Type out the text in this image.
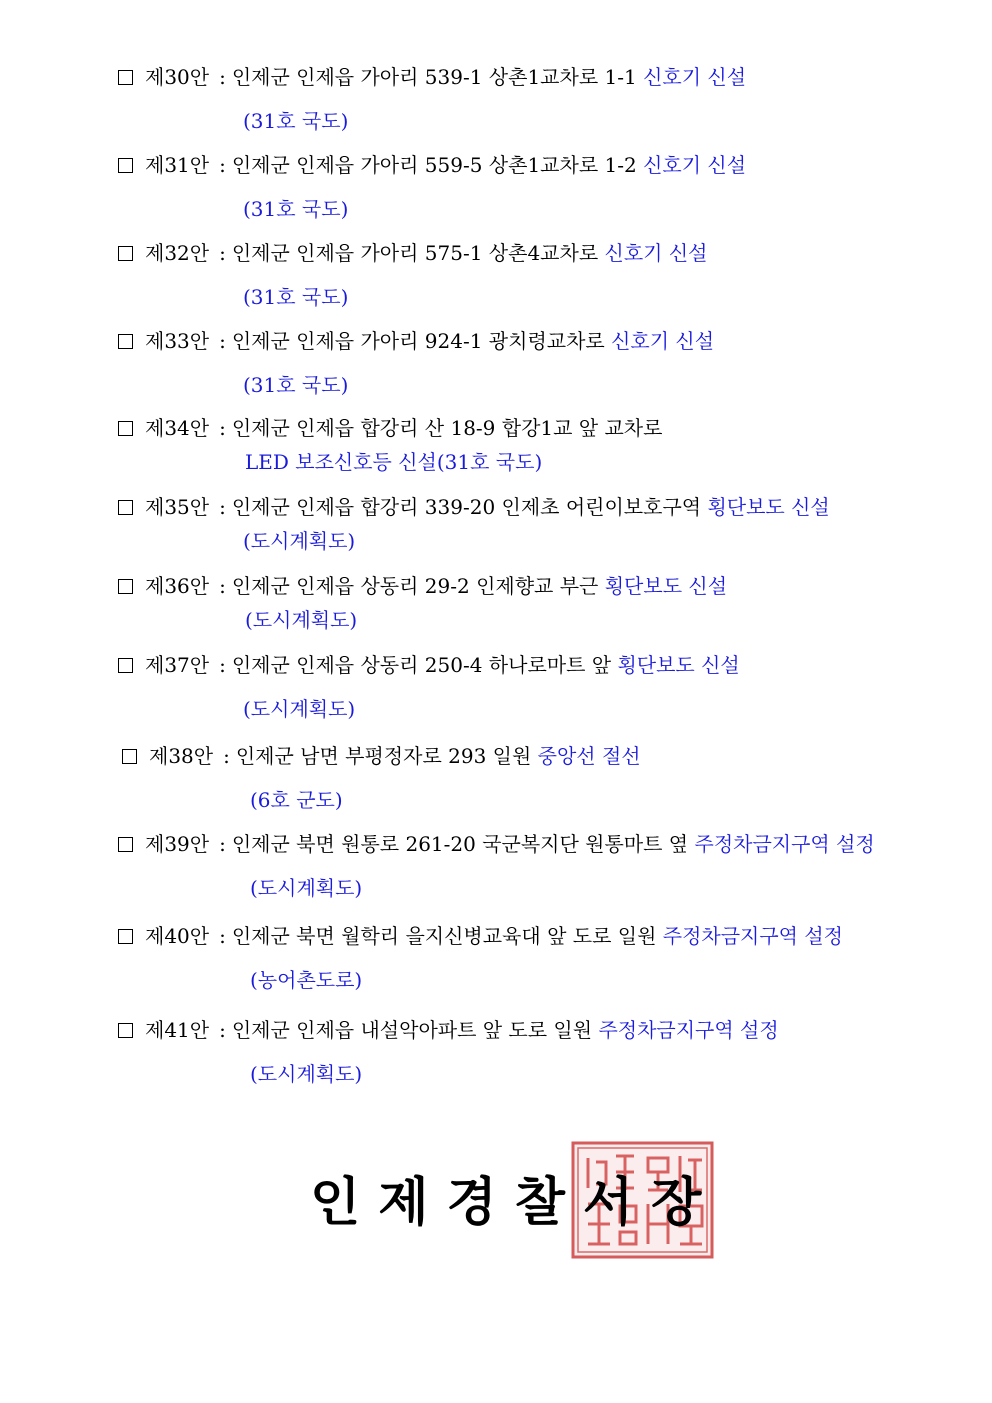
제30안 : 인제군 인제읍 가아리 539-1 상촌1교차로 1-1 신호기 신설
(31호 국도)
제31안 : 인제군 인제읍 가아리 559-5 상촌1교차로 1-2 신호기 신설
(31호 국도)
제32안 : 인제군 인제읍 가아리 575-1 상촌4교차로 신호기 신설
(31호 국도)
제33안 : 인제군 인제읍 가아리 924-1 광치령교차로 신호기 신설
(31호 국도)
제34안 : 인제군 인제읍 합강리 산 18-9 합강1교 앞 교차로
LED 보조신호등 신설(31호 국도)
제35안 : 인제군 인제읍 합강리 339-20 인제초 어린이보호구역 횡단보도 신설
(도시계획도)
제36안 : 인제군 인제읍 상동리 29-2 인제향교 부근 횡단보도 신설
(도시계획도)
제37안 : 인제군 인제읍 상동리 250-4 하나로마트 앞 횡단보도 신설
(도시계획도)
제38안 : 인제군 남면 부평정자로 293 일원 중앙선 절선
(6호 군도)
제39안 : 인제군 북면 원통로 261-20 국군복지단 원통마트 옆 주정차금지구역 설정
(도시계획도)
제40안 : 인제군 북면 월학리 을지신병교육대 앞 도로 일원 주정차금지구역 설정
(농어촌도로)
제41안 : 인제군 인제읍 내설악아파트 앞 도로 일원 주정차금지구역 설정
(도시계획도)
인제경찰서장
